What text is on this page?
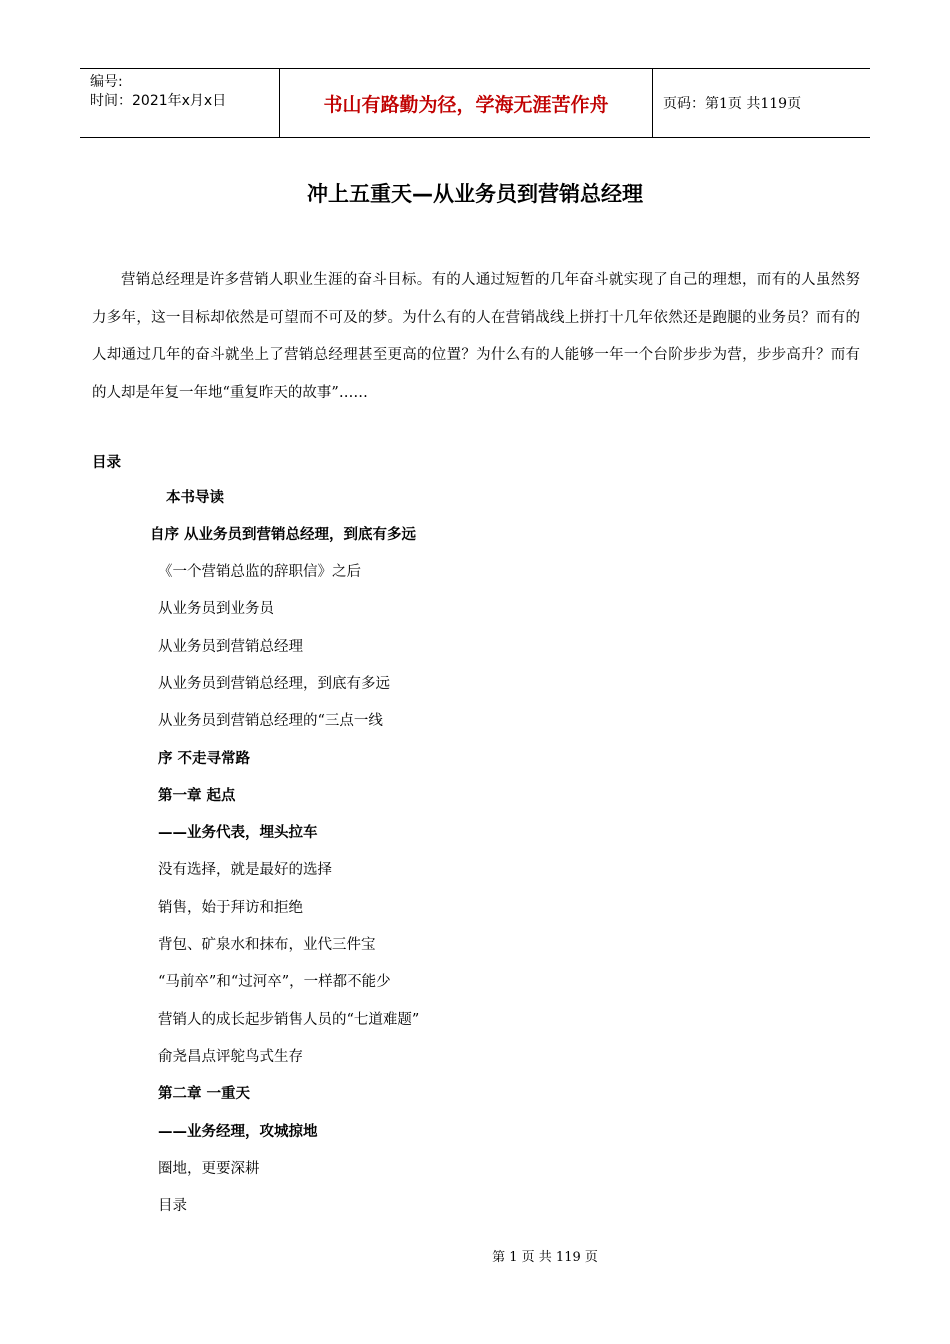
编号:
时间：2021年x月x日	书山有路勤为径，学海无涯苦作舟	页码：第1页 共119页
冲上五重天—从业务员到营销总经理

营销总经理是许多营销人职业生涯的奋斗目标。有的人通过短暂的几年奋斗就实现了自己的理想，而有的人虽然努力多年，这一目标却依然是可望而不可及的梦。为什么有的人在营销战线上拼打十几年依然还是跑腿的业务员？而有的人却通过几年的奋斗就坐上了营销总经理甚至更高的位置？为什么有的人能够一年一个台阶步步为营，步步高升？而有的人却是年复一年地“重复昨天的故事”……

目录
本书导读
自序 从业务员到营销总经理，到底有多远
《一个营销总监的辞职信》之后
从业务员到业务员
从业务员到营销总经理
从业务员到营销总经理，到底有多远
从业务员到营销总经理的“三点一线
序 不走寻常路
第一章 起点
——业务代表，埋头拉车
没有选择，就是最好的选择
销售，始于拜访和拒绝
背包、矿泉水和抹布，业代三件宝
“马前卒”和“过河卒”，一样都不能少
营销人的成长起步销售人员的“七道难题”
俞尧昌点评鸵鸟式生存
第二章 一重天
——业务经理，攻城掠地
圈地，更要深耕
目录
第 1 页 共 119 页
